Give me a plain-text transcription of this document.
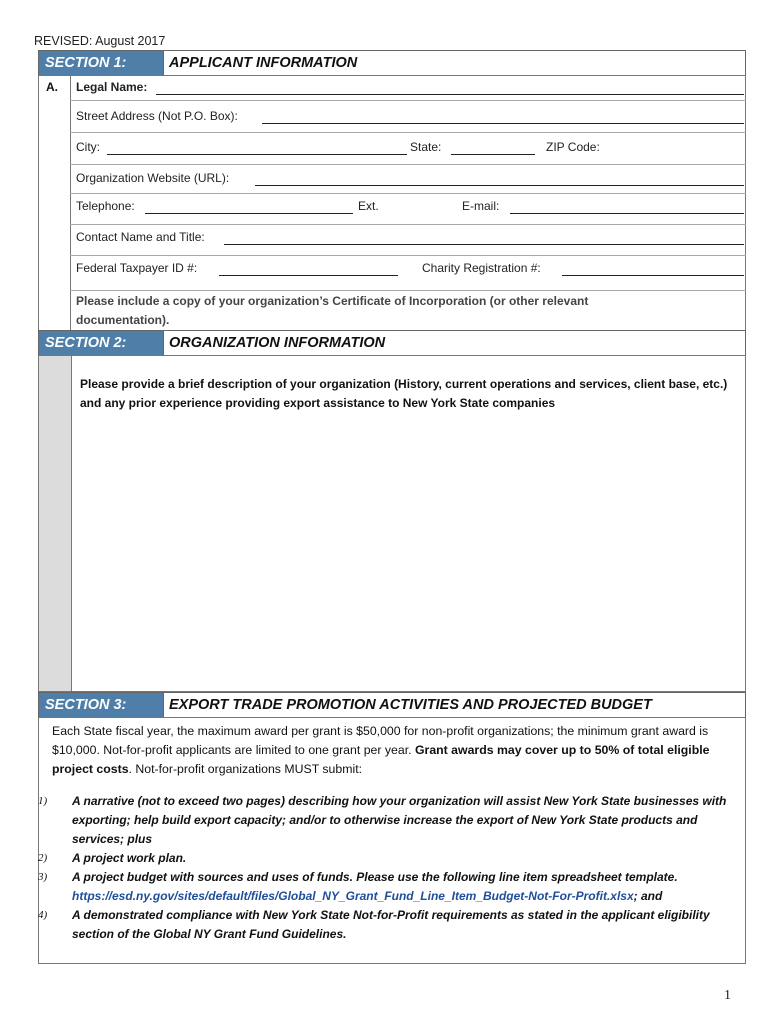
REVISED: August 2017
SECTION 1:	APPLICANT INFORMATION
A. Legal Name:
Street Address (Not P.O. Box):
City:	State:	ZIP Code:
Organization Website (URL):
Telephone:	Ext.	E-mail:
Contact Name and Title:
Federal Taxpayer ID #:	Charity Registration #:
Please include a copy of your organization’s Certificate of Incorporation (or other relevant documentation).
SECTION 2:	ORGANIZATION INFORMATION
Please provide a brief description of your organization (History, current operations and services, client base, etc.) and any prior experience providing export assistance to New York State companies
SECTION 3:	EXPORT TRADE PROMOTION ACTIVITIES AND PROJECTED BUDGET
Each State fiscal year, the maximum award per grant is $50,000 for non-profit organizations; the minimum grant award is $10,000. Not-for-profit applicants are limited to one grant per year. Grant awards may cover up to 50% of total eligible project costs. Not-for-profit organizations MUST submit:
1)	A narrative (not to exceed two pages) describing how your organization will assist New York State businesses with exporting; help build export capacity; and/or to otherwise increase the export of New York State products and services; plus
2)	A project work plan.
3)	A project budget with sources and uses of funds. Please use the following line item spreadsheet template. https://esd.ny.gov/sites/default/files/Global_NY_Grant_Fund_Line_Item_Budget-Not-For-Profit.xlsx; and
4)	A demonstrated compliance with New York State Not-for-Profit requirements as stated in the applicant eligibility section of the Global NY Grant Fund Guidelines.
1
